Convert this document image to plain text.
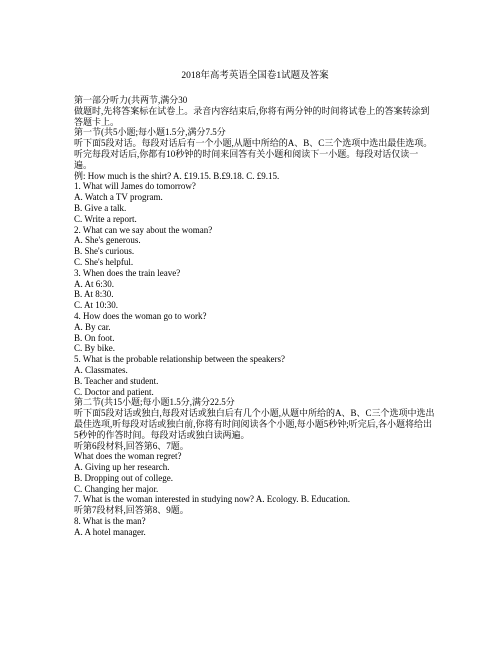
2018年高考英语全国卷1试题及答案

第一部分听力(共两节,满分30

做题时,先将答案标在试卷上。录音内容结束后,你将有两分钟的时间将试卷上的答案转涂到答题卡上。

第一节(共5小题;每小题1.5分,满分7.5分

听下面5段对话。每段对话后有一个小题,从题中所给的A、B、C三个选项中选出最佳选项。听完每段对话后,你都有10秒钟的时间来回答有关小题和阅读下一小题。每段对话仅读一遍。

例: How much is the shirt? A. £19.15. B.£9.18. C. £9.15.

1. What will James do tomorrow?

A. Watch a TV program.

B. Give a talk.

C. Write a report.

2. What can we say about the woman?

A. She's generous.

B. She's curious.

C. She's helpful.

3. When does the train leave?

A. At 6:30.

B. At 8:30.

C. At 10:30.

4. How does the woman go to work?

A. By car.

B. On foot.

C. By bike.

5. What is the probable relationship between the speakers?

A. Classmates.

B. Teacher and student.

C. Doctor and patient.

第二节(共15小题;每小题1.5分,满分22.5分

听下面5段对话或独白,每段对话或独白后有几个小题,从题中所给的A、B、C三个选项中选出最佳选项,听每段对话或独白前,你将有时间阅读各个小题,每小题5秒钟;听完后,各小题将给出5秒钟的作答时间。每段对话或独白读两遍。

听第6段材料,回答第6、7题。

What does the woman regret?

A. Giving up her research.

B. Dropping out of college.

C. Changing her major.

7. What is the woman interested in studying now? A. Ecology. B. Education.

听第7段材料,回答第8、9题。

8. What is the man?

A. A hotel manager.
